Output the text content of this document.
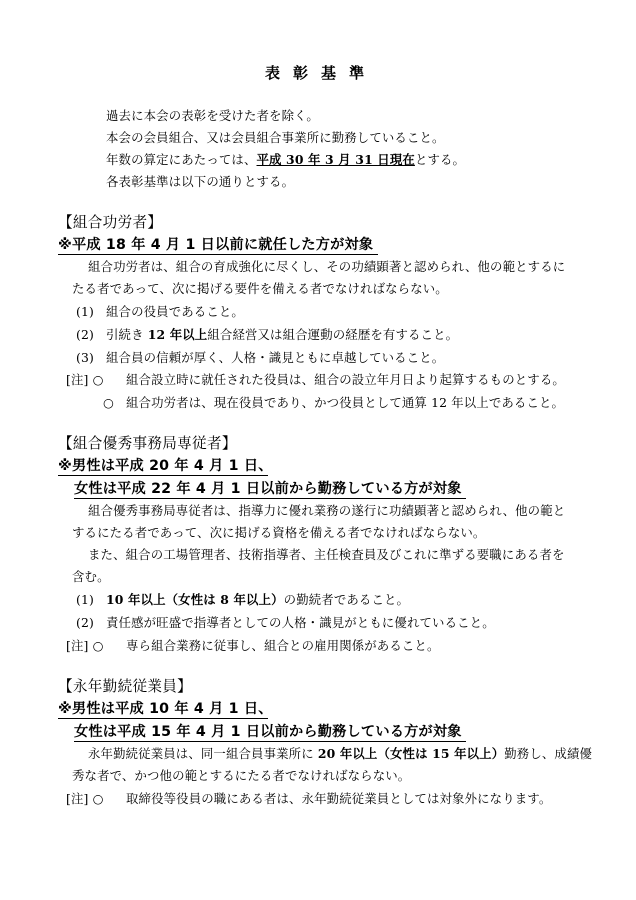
表彰基準
過去に本会の表彰を受けた者を除く。
本会の会員組合、又は会員組合事業所に勤務していること。
年数の算定にあたっては、平成 30 年 3 月 31 日現在とする。
各表彰基準は以下の通りとする。
【組合功労者】
※平成 18 年 4 月 1 日以前に就任した方が対象
組合功労者は、組合の育成強化に尽くし、その功績顕著と認められ、他の範とするに
たる者であって、次に掲げる要件を備える者でなければならない。
(1) 組合の役員であること。
(2) 引続き 12 年以上組合経営又は組合運動の経歴を有すること。
(3) 組合員の信頼が厚く、人格・識見ともに卓越していること。
[注] ○ 組合設立時に就任された役員は、組合の設立年月日より起算するものとする。
○ 組合功労者は、現在役員であり、かつ役員として通算 12 年以上であること。
【組合優秀事務局専従者】
※男性は平成 20 年 4 月 1 日、
女性は平成 22 年 4 月 1 日以前から勤務している方が対象
組合優秀事務局専従者は、指導力に優れ業務の遂行に功績顕著と認められ、他の範と
するにたる者であって、次に掲げる資格を備える者でなければならない。
また、組合の工場管理者、技術指導者、主任検査員及びこれに準ずる要職にある者を
含む。
(1) 10 年以上（女性は 8 年以上）の勤続者であること。
(2) 責任感が旺盛で指導者としての人格・識見がともに優れていること。
[注] ○ 専ら組合業務に従事し、組合との雇用関係があること。
【永年勤続従業員】
※男性は平成 10 年 4 月 1 日、
女性は平成 15 年 4 月 1 日以前から勤務している方が対象
永年勤続従業員は、同一組合員事業所に 20 年以上（女性は 15 年以上）勤務し、成績優
秀な者で、かつ他の範とするにたる者でなければならない。
[注] ○ 取締役等役員の職にある者は、永年勤続従業員としては対象外になります。
